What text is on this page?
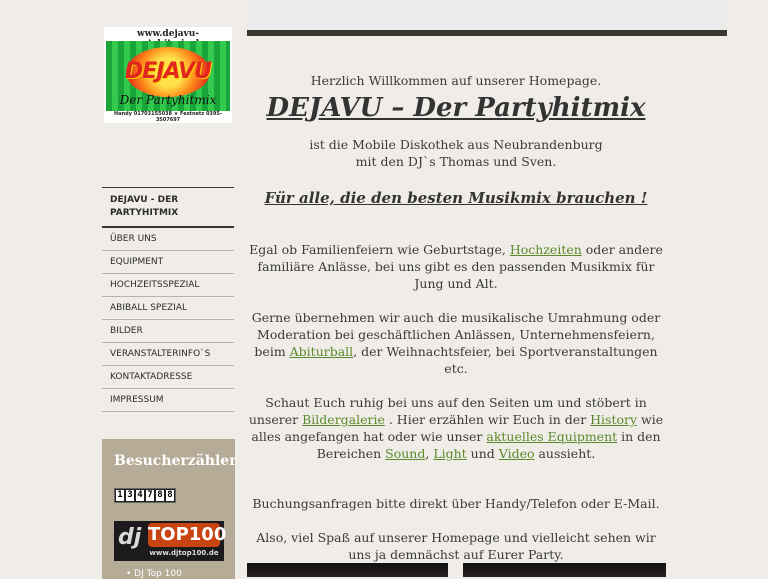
www.dejavu-
DEJAVU
Der Partyhitmix
Handy 01703155038 ★ Festnetz 0395-3507697
DEJAVU - DER PARTYHITMIX
ÜBER UNS
EQUIPMENT
HOCHZEITSSPEZIAL
ABIBALL SPEZIAL
BILDER
VERANSTALTERINFO`S
KONTAKTADRESSE
IMPRESSUM
Besucherzähler
1 3 4 7 8 8
dj TOP100
www.djtop100.de
• DJ Top 100

Herzlich Willkommen auf unserer Homepage.

DEJAVU – Der Partyhitmix

ist die Mobile Diskothek aus Neubrandenburg
mit den DJ`s Thomas und Sven.

Für alle, die den besten Musikmix brauchen !

Egal ob Familienfeiern wie Geburtstage, Hochzeiten oder andere familiäre Anlässe, bei uns gibt es den passenden Musikmix für Jung und Alt.

Gerne übernehmen wir auch die musikalische Umrahmung oder Moderation bei geschäftlichen Anlässen, Unternehmensfeiern, beim Abiturball, der Weihnachtsfeier, bei Sportveranstaltungen etc.

Schaut Euch ruhig bei uns auf den Seiten um und stöbert in unserer Bildergalerie . Hier erzählen wir Euch in der History wie alles angefangen hat oder wie unser aktuelles Equipment in den Bereichen Sound, Light und Video aussieht.

Buchungsanfragen bitte direkt über Handy/Telefon oder E-Mail.

Also, viel Spaß auf unserer Homepage und vielleicht sehen wir uns ja demnächst auf Eurer Party.
